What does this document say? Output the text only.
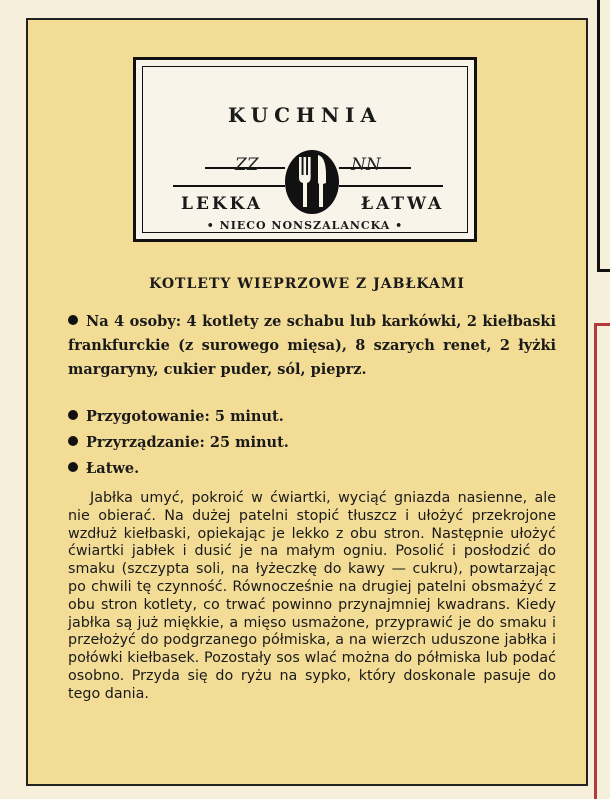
KUCHNIA
ZZ	NN
LEKKA	ŁATWA
• NIECO NONSZALANCKA •
KOTLETY WIEPRZOWE Z JABŁKAMI

Na 4 osoby: 4 kotlety ze schabu lub karkówki, 2 kiełbaski frankfurckie (z surowego mięsa), 8 szarych renet, 2 łyżki margaryny, cukier puder, sól, pieprz.

Przygotowanie: 5 minut.
Przyrządzanie: 25 minut.
Łatwe.

Jabłka umyć, pokroić w ćwiartki, wyciąć gniazda nasienne, ale nie obierać. Na dużej patelni stopić tłuszcz i ułożyć przekrojone wzdłuż kiełbaski, opiekając je lekko z obu stron. Następnie ułożyć ćwiartki jabłek i dusić je na małym ogniu. Posolić i posłodzić do smaku (szczypta soli, na łyżeczkę do kawy — cukru), powtarzając po chwili tę czynność. Równocześnie na drugiej patelni obsmażyć z obu stron kotlety, co trwać powinno przynajmniej kwadrans. Kiedy jabłka są już miękkie, a mięso usmażone, przyprawić je do smaku i przełożyć do podgrzanego półmiska, a na wierzch uduszone jabłka i połówki kiełbasek. Pozostały sos wlać można do półmiska lub podać osobno. Przyda się do ryżu na sypko, który doskonale pasuje do tego dania.
